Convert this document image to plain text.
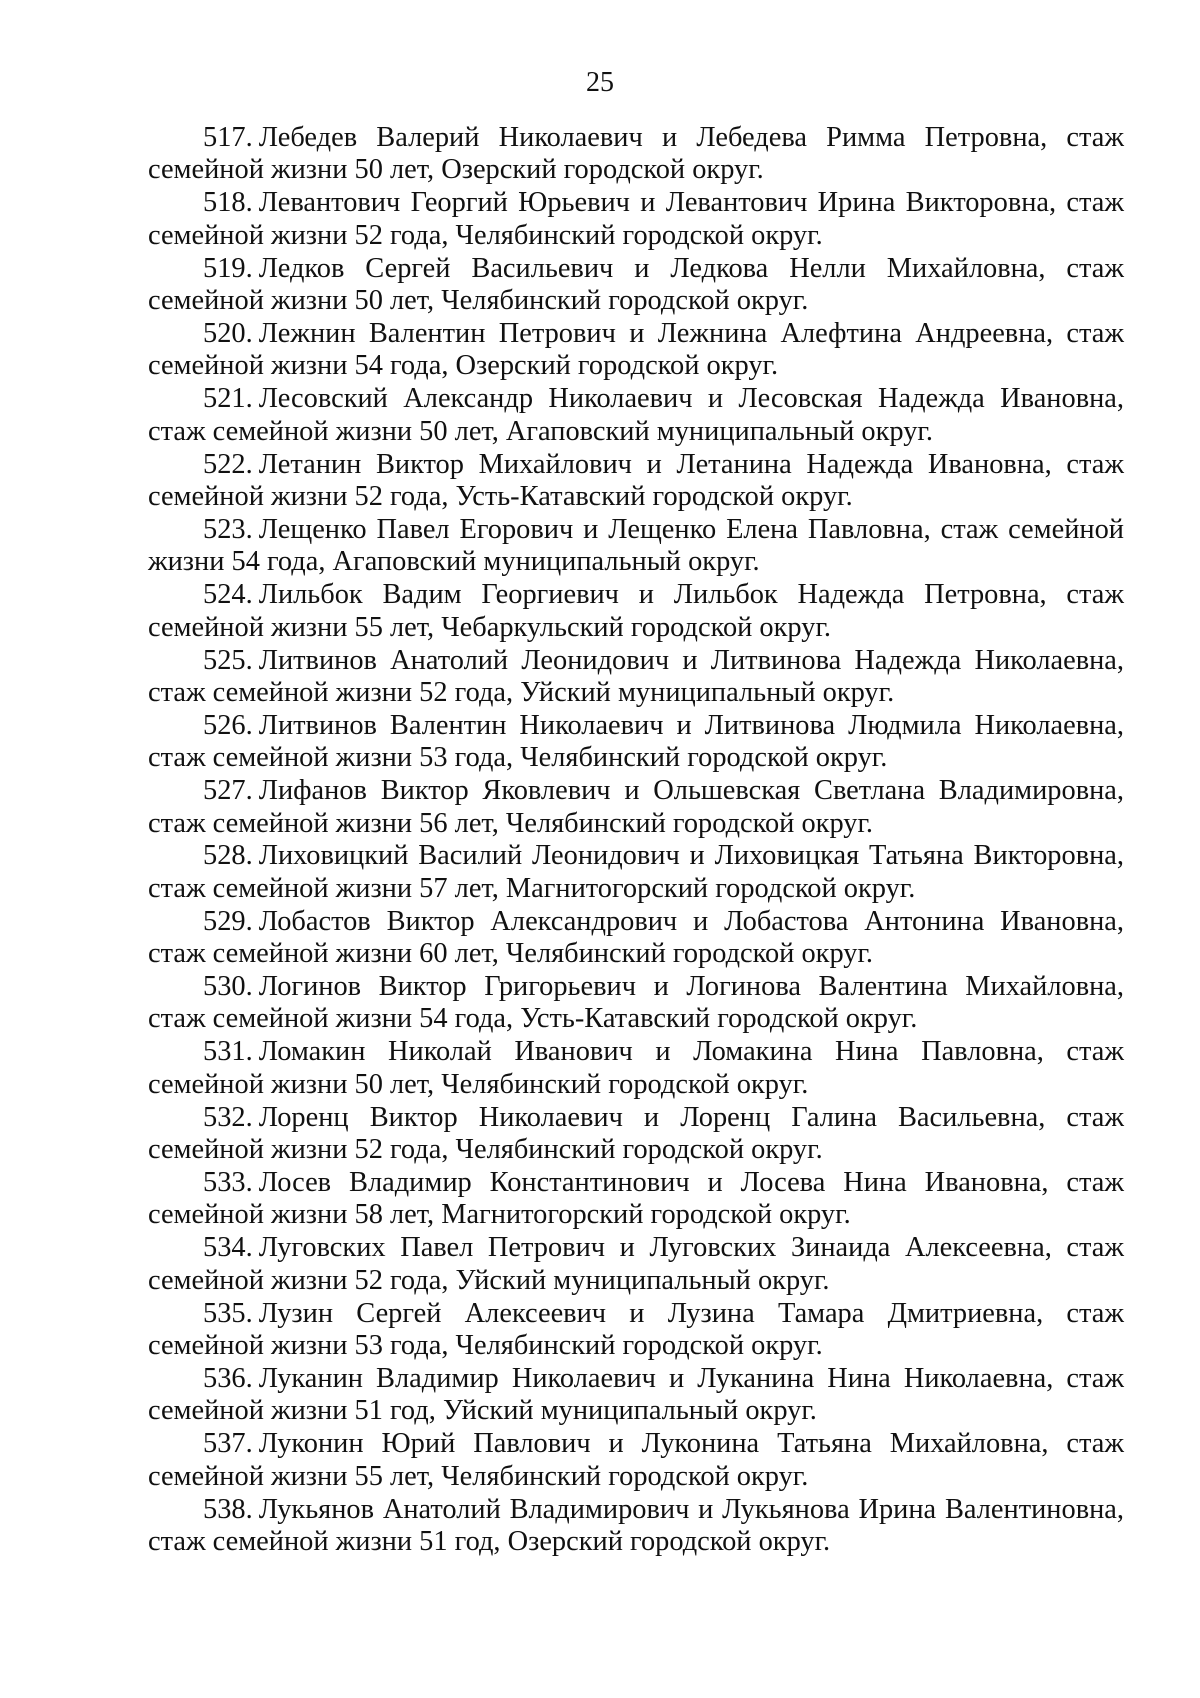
25
517. Лебедев Валерий Николаевич и Лебедева Римма Петровна, стаж семейной жизни 50 лет, Озерский городской округ.
518. Левантович Георгий Юрьевич и Левантович Ирина Викторовна, стаж семейной жизни 52 года, Челябинский городской округ.
519. Ледков Сергей Васильевич и Ледкова Нелли Михайловна, стаж семейной жизни 50 лет, Челябинский городской округ.
520. Лежнин Валентин Петрович и Лежнина Алефтина Андреевна, стаж семейной жизни 54 года, Озерский городской округ.
521. Лесовский Александр Николаевич и Лесовская Надежда Ивановна, стаж семейной жизни 50 лет, Агаповский муниципальный округ.
522. Летанин Виктор Михайлович и Летанина Надежда Ивановна, стаж семейной жизни 52 года, Усть-Катавский городской округ.
523. Лещенко Павел Егорович и Лещенко Елена Павловна, стаж семейной жизни 54 года, Агаповский муниципальный округ.
524. Лильбок Вадим Георгиевич и Лильбок Надежда Петровна, стаж семейной жизни 55 лет, Чебаркульский городской округ.
525. Литвинов Анатолий Леонидович и Литвинова Надежда Николаевна, стаж семейной жизни 52 года, Уйский муниципальный округ.
526. Литвинов Валентин Николаевич и Литвинова Людмила Николаевна, стаж семейной жизни 53 года, Челябинский городской округ.
527. Лифанов Виктор Яковлевич и Ольшевская Светлана Владимировна, стаж семейной жизни 56 лет, Челябинский городской округ.
528. Лиховицкий Василий Леонидович и Лиховицкая Татьяна Викторовна, стаж семейной жизни 57 лет, Магнитогорский городской округ.
529. Лобастов Виктор Александрович и Лобастова Антонина Ивановна, стаж семейной жизни 60 лет, Челябинский городской округ.
530. Логинов Виктор Григорьевич и Логинова Валентина Михайловна, стаж семейной жизни 54 года, Усть-Катавский городской округ.
531. Ломакин Николай Иванович и Ломакина Нина Павловна, стаж семейной жизни 50 лет, Челябинский городской округ.
532. Лоренц Виктор Николаевич и Лоренц Галина Васильевна, стаж семейной жизни 52 года, Челябинский городской округ.
533. Лосев Владимир Константинович и Лосева Нина Ивановна, стаж семейной жизни 58 лет, Магнитогорский городской округ.
534. Луговских Павел Петрович и Луговских Зинаида Алексеевна, стаж семейной жизни 52 года, Уйский муниципальный округ.
535. Лузин Сергей Алексеевич и Лузина Тамара Дмитриевна, стаж семейной жизни 53 года, Челябинский городской округ.
536. Луканин Владимир Николаевич и Луканина Нина Николаевна, стаж семейной жизни 51 год, Уйский муниципальный округ.
537. Луконин Юрий Павлович и Луконина Татьяна Михайловна, стаж семейной жизни 55 лет, Челябинский городской округ.
538. Лукьянов Анатолий Владимирович и Лукьянова Ирина Валентиновна, стаж семейной жизни 51 год, Озерский городской округ.
